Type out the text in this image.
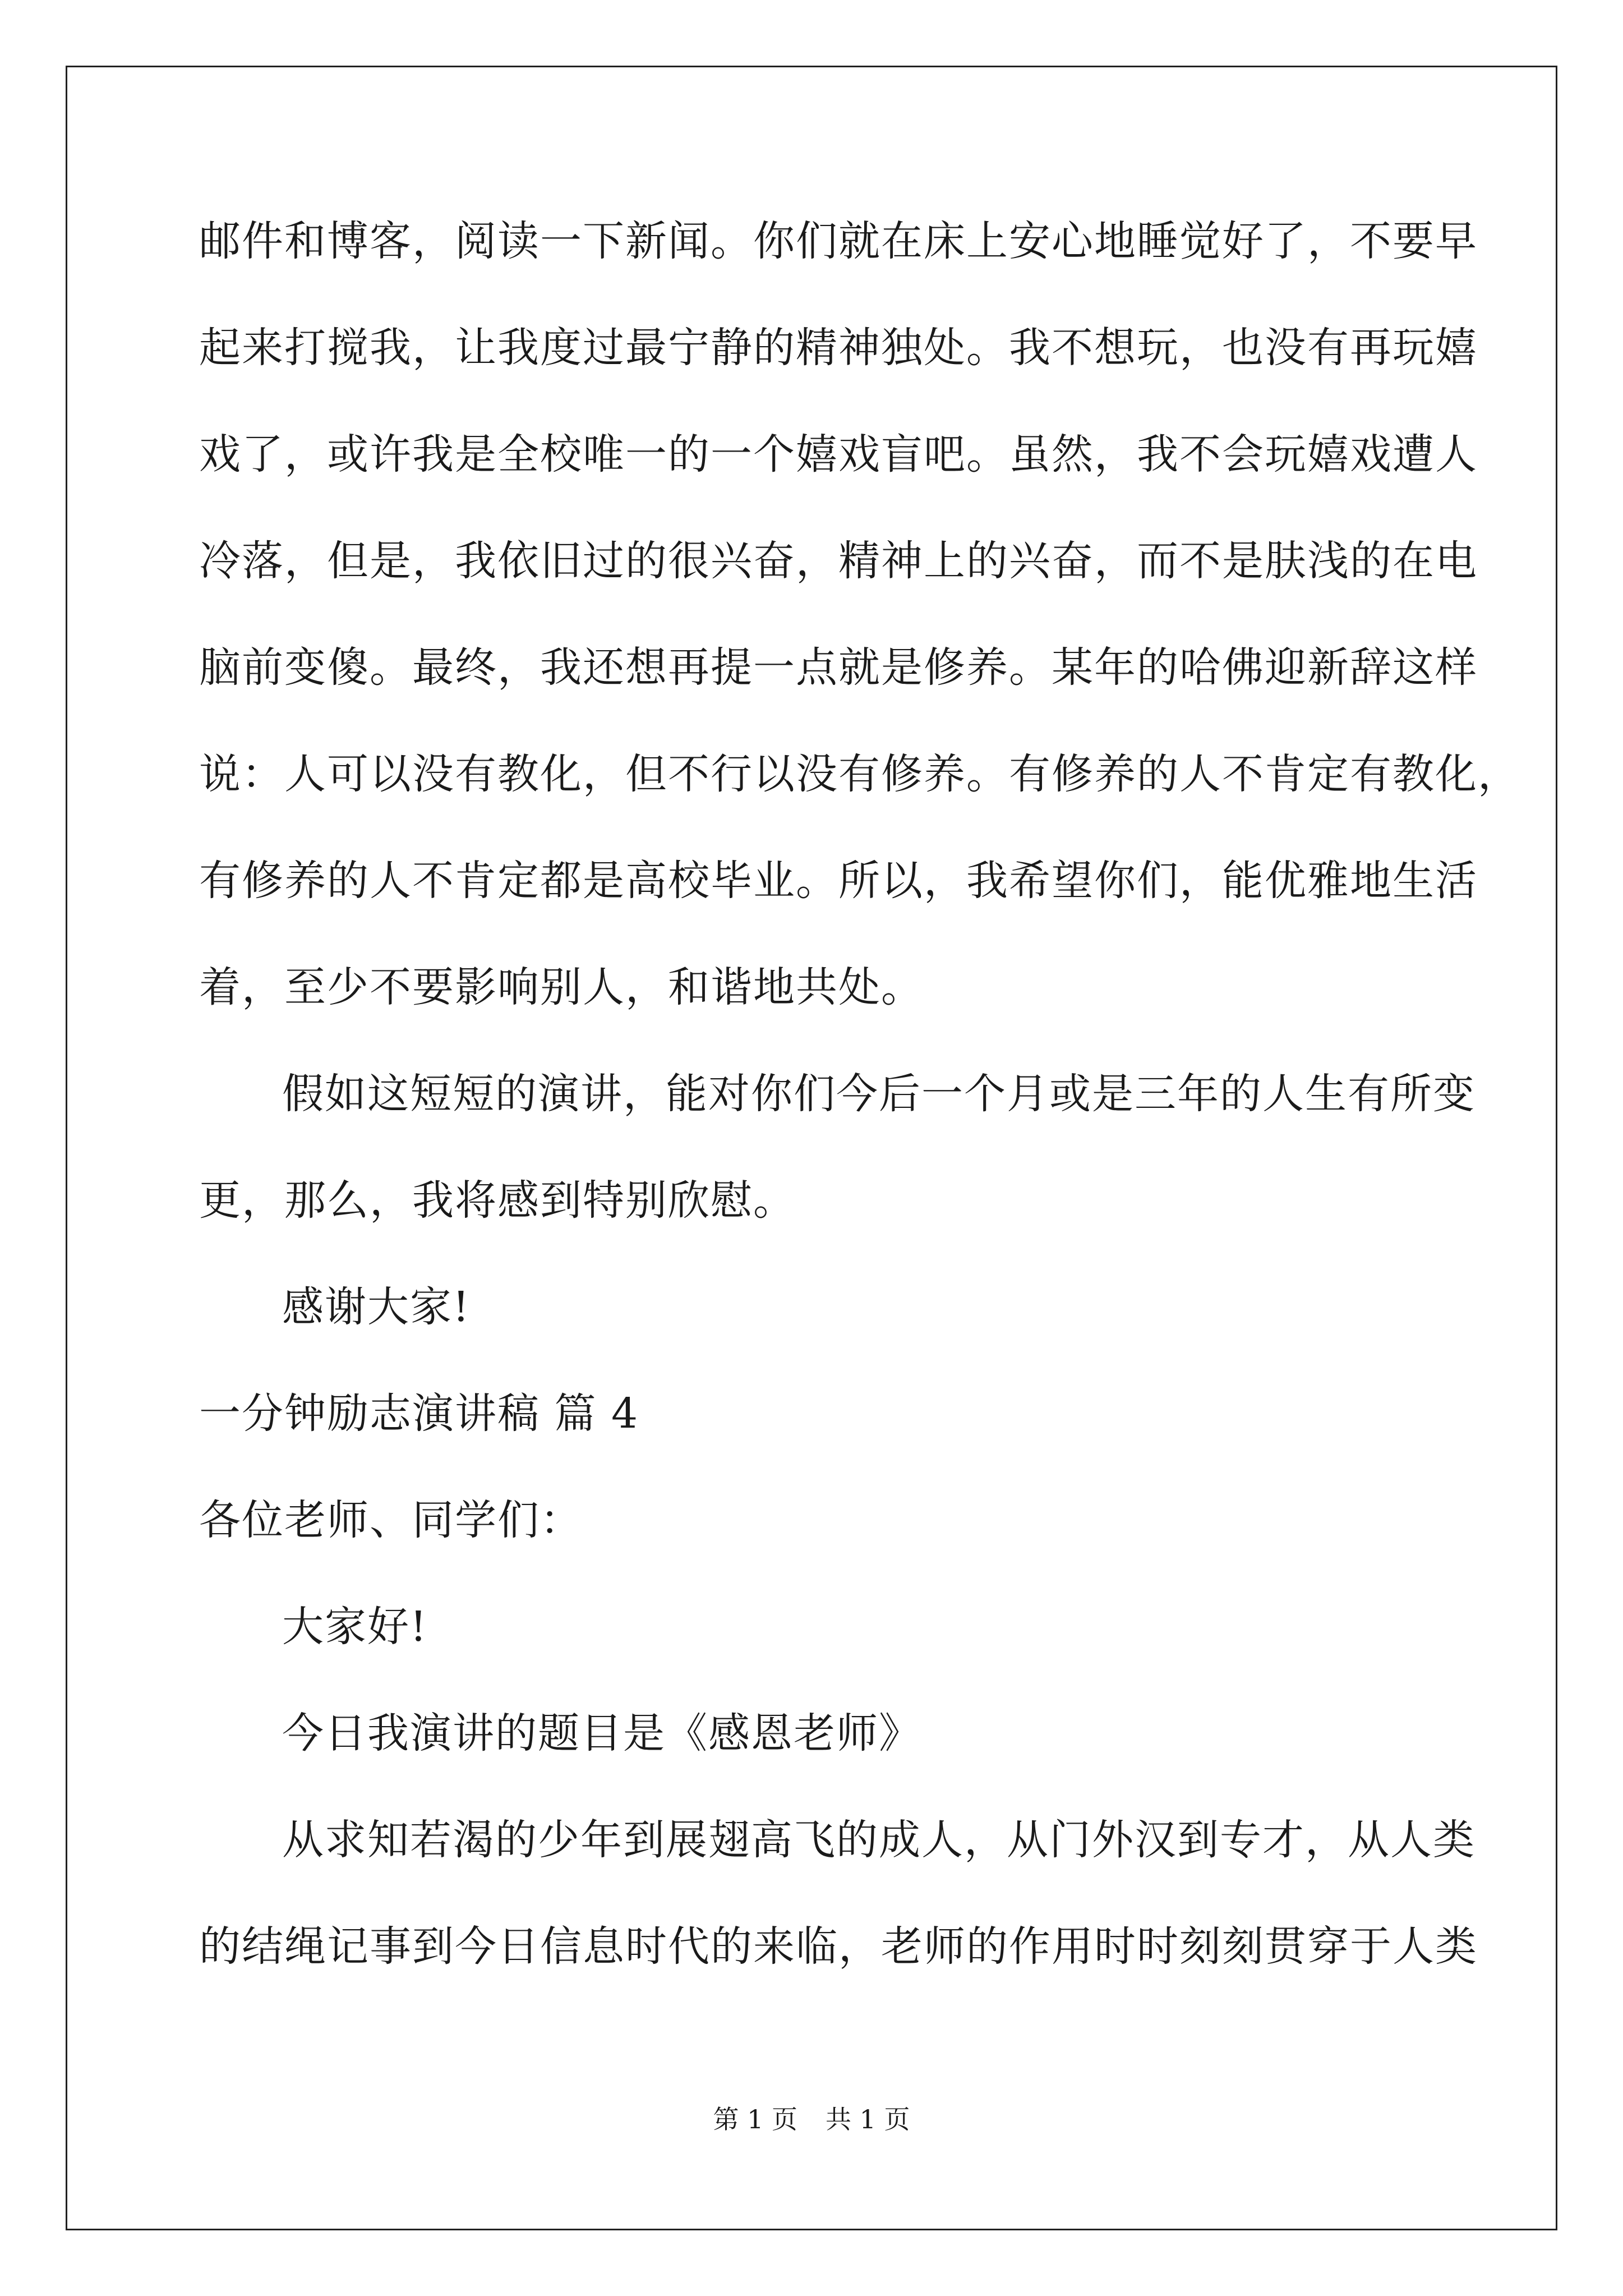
邮件和博客，阅读一下新闻。你们就在床上安心地睡觉好了，不要早
起来打搅我，让我度过最宁静的精神独处。我不想玩，也没有再玩嬉
戏了，或许我是全校唯一的一个嬉戏盲吧。虽然，我不会玩嬉戏遭人
冷落，但是，我依旧过的很兴奋，精神上的兴奋，而不是肤浅的在电
脑前变傻。最终，我还想再提一点就是修养。某年的哈佛迎新辞这样
说：人可以没有教化，但不行以没有修养。有修养的人不肯定有教化，
有修养的人不肯定都是高校毕业。所以，我希望你们，能优雅地生活
着，至少不要影响别人，和谐地共处。
假如这短短的演讲，能对你们今后一个月或是三年的人生有所变
更，那么，我将感到特别欣慰。
感谢大家!
一分钟励志演讲稿 篇 4
各位老师、同学们：
大家好!
今日我演讲的题目是《感恩老师》
从求知若渴的少年到展翅高飞的成人，从门外汉到专才，从人类
的结绳记事到今日信息时代的来临，老师的作用时时刻刻贯穿于人类
第 1 页 共 1 页
